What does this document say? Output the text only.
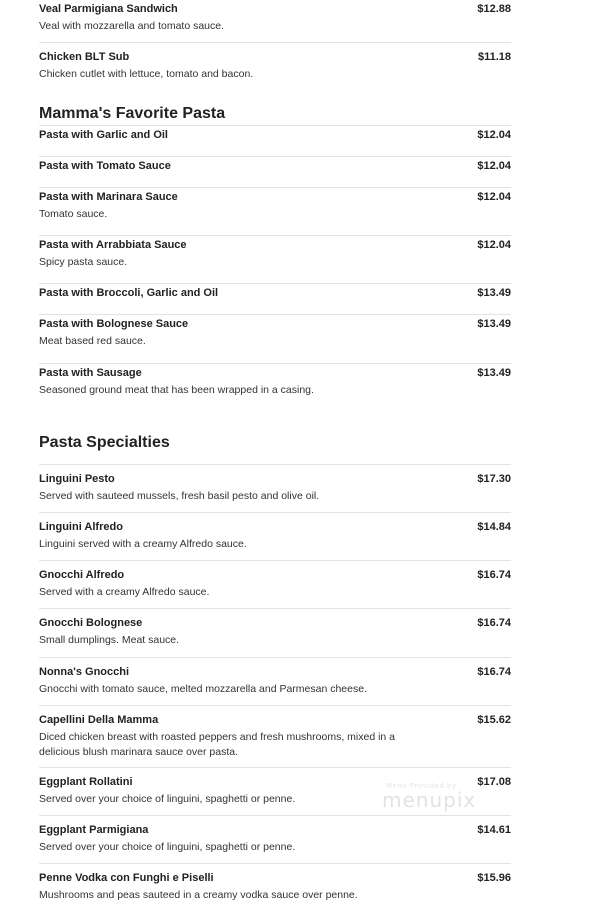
Veal Parmigiana Sandwich	$12.88
Veal with mozzarella and tomato sauce.
Chicken BLT Sub	$11.18
Chicken cutlet with lettuce, tomato and bacon.
Mamma's Favorite Pasta
Pasta with Garlic and Oil	$12.04
Pasta with Tomato Sauce	$12.04
Pasta with Marinara Sauce	$12.04
Tomato sauce.
Pasta with Arrabbiata Sauce	$12.04
Spicy pasta sauce.
Pasta with Broccoli, Garlic and Oil	$13.49
Pasta with Bolognese Sauce	$13.49
Meat based red sauce.
Pasta with Sausage	$13.49
Seasoned ground meat that has been wrapped in a casing.
Pasta Specialties
Linguini Pesto	$17.30
Served with sauteed mussels, fresh basil pesto and olive oil.
Linguini Alfredo	$14.84
Linguini served with a creamy Alfredo sauce.
Gnocchi Alfredo	$16.74
Served with a creamy Alfredo sauce.
Gnocchi Bolognese	$16.74
Small dumplings. Meat sauce.
Nonna's Gnocchi	$16.74
Gnocchi with tomato sauce, melted mozzarella and Parmesan cheese.
Capellini Della Mamma	$15.62
Diced chicken breast with roasted peppers and fresh mushrooms, mixed in a delicious blush marinara sauce over pasta.
Eggplant Rollatini	$17.08
Served over your choice of linguini, spaghetti or penne.
Eggplant Parmigiana	$14.61
Served over your choice of linguini, spaghetti or penne.
Penne Vodka con Funghi e Piselli	$15.96
Mushrooms and peas sauteed in a creamy vodka sauce over penne.
Menu Provided by
menupix
